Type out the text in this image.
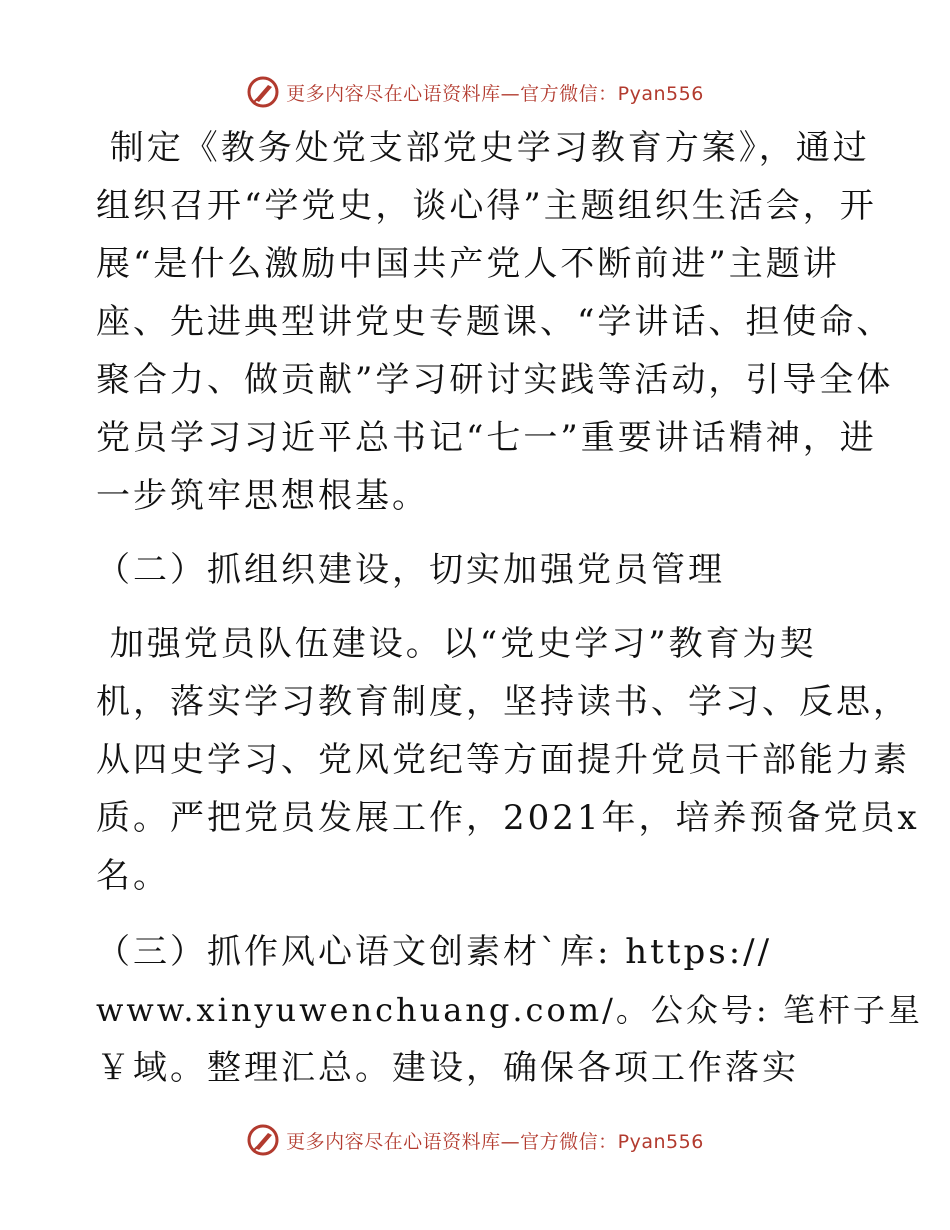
更多内容尽在心语资料库—官方微信：Pyan556
制定《教务处党支部党史学习教育方案》，通过
组织召开“学党史，谈心得”主题组织生活会，开
展“是什么激励中国共产党人不断前进”主题讲
座、先进典型讲党史专题课、“学讲话、担使命、
聚合力、做贡献”学习研讨实践等活动，引导全体
党员学习习近平总书记“七一”重要讲话精神，进
一步筑牢思想根基。
（二）抓组织建设，切实加强党员管理
加强党员队伍建设。以“党史学习”教育为契
机，落实学习教育制度，坚持读书、学习、反思，
从四史学习、党风党纪等方面提升党员干部能力素
质。严把党员发展工作，2021年，培养预备党员x
名。
（三）抓作风心语文创素材`库: https://
www.xinyuwenchuang.com/。公众号: 笔杆子星
￥域。整理汇总。建设，确保各项工作落实
更多内容尽在心语资料库—官方微信：Pyan556
